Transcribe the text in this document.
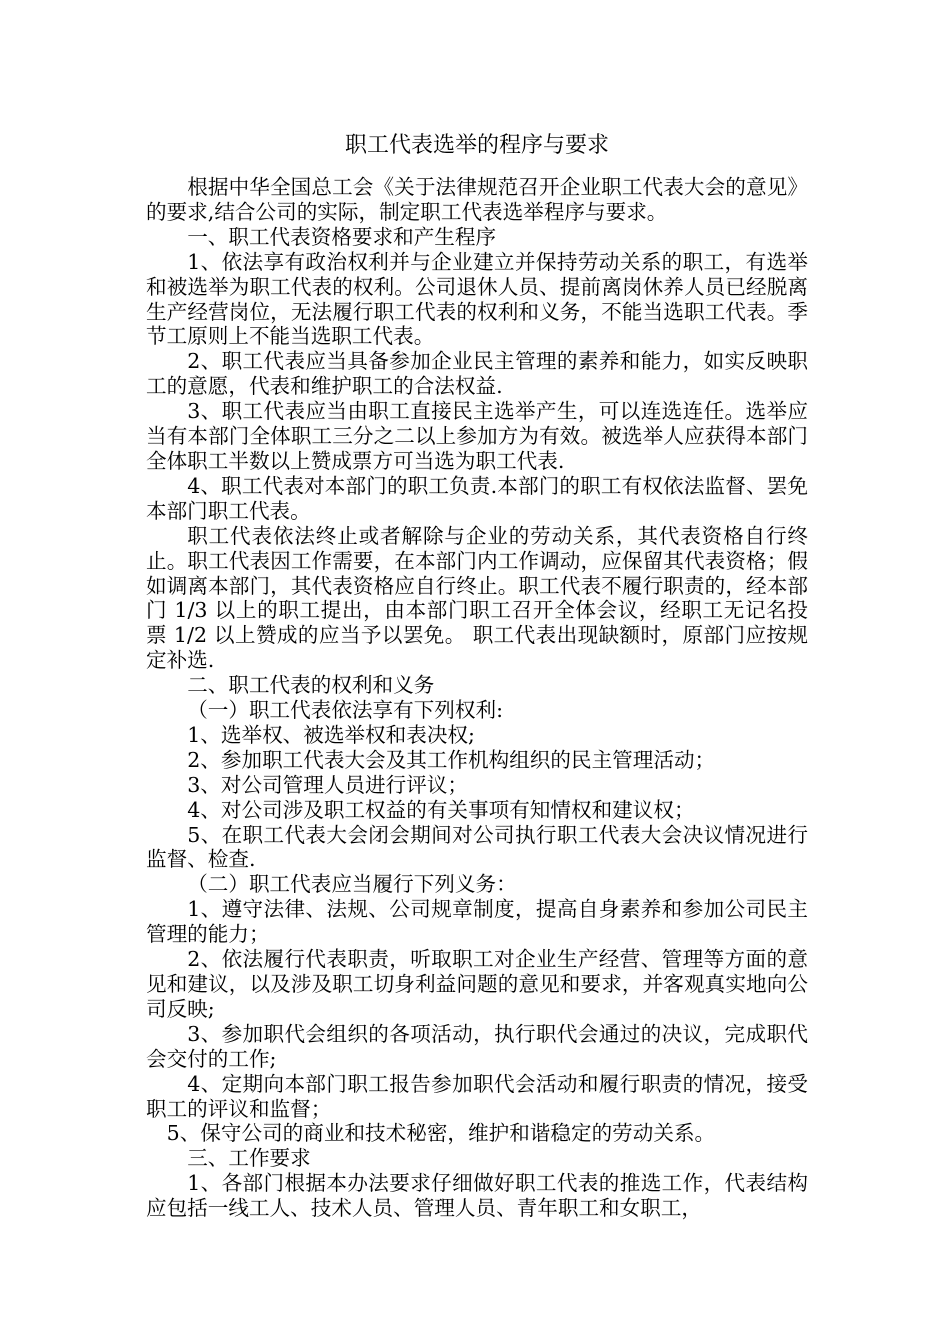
职工代表选举的程序与要求

根据中华全国总工会《关于法律规范召开企业职工代表大会的意见》的要求,结合公司的实际，制定职工代表选举程序与要求。

一、职工代表资格要求和产生程序

1、依法享有政治权利并与企业建立并保持劳动关系的职工，有选举和被选举为职工代表的权利。公司退休人员、提前离岗休养人员已经脱离生产经营岗位，无法履行职工代表的权利和义务，不能当选职工代表。季节工原则上不能当选职工代表。

2、职工代表应当具备参加企业民主管理的素养和能力，如实反映职工的意愿，代表和维护职工的合法权益.

3、职工代表应当由职工直接民主选举产生，可以连选连任。选举应当有本部门全体职工三分之二以上参加方为有效。被选举人应获得本部门全体职工半数以上赞成票方可当选为职工代表.

4、职工代表对本部门的职工负责.本部门的职工有权依法监督、罢免本部门职工代表。

职工代表依法终止或者解除与企业的劳动关系，其代表资格自行终止。职工代表因工作需要，在本部门内工作调动，应保留其代表资格；假如调离本部门，其代表资格应自行终止。职工代表不履行职责的，经本部门 1/3 以上的职工提出，由本部门职工召开全体会议，经职工无记名投票 1/2 以上赞成的应当予以罢免。 职工代表出现缺额时，原部门应按规定补选.

二、职工代表的权利和义务

（一）职工代表依法享有下列权利:

1、选举权、被选举权和表决权;

2、参加职工代表大会及其工作机构组织的民主管理活动；

3、对公司管理人员进行评议；

4、对公司涉及职工权益的有关事项有知情权和建议权；

5、在职工代表大会闭会期间对公司执行职工代表大会决议情况进行监督、检查.

（二）职工代表应当履行下列义务：

1、遵守法律、法规、公司规章制度，提高自身素养和参加公司民主管理的能力；

2、依法履行代表职责，听取职工对企业生产经营、管理等方面的意见和建议，以及涉及职工切身利益问题的意见和要求，并客观真实地向公司反映;

3、参加职代会组织的各项活动，执行职代会通过的决议，完成职代会交付的工作;

4、定期向本部门职工报告参加职代会活动和履行职责的情况，接受职工的评议和监督；

5、保守公司的商业和技术秘密，维护和谐稳定的劳动关系。

三、工作要求

1、各部门根据本办法要求仔细做好职工代表的推选工作，代表结构应包括一线工人、技术人员、管理人员、青年职工和女职工，
